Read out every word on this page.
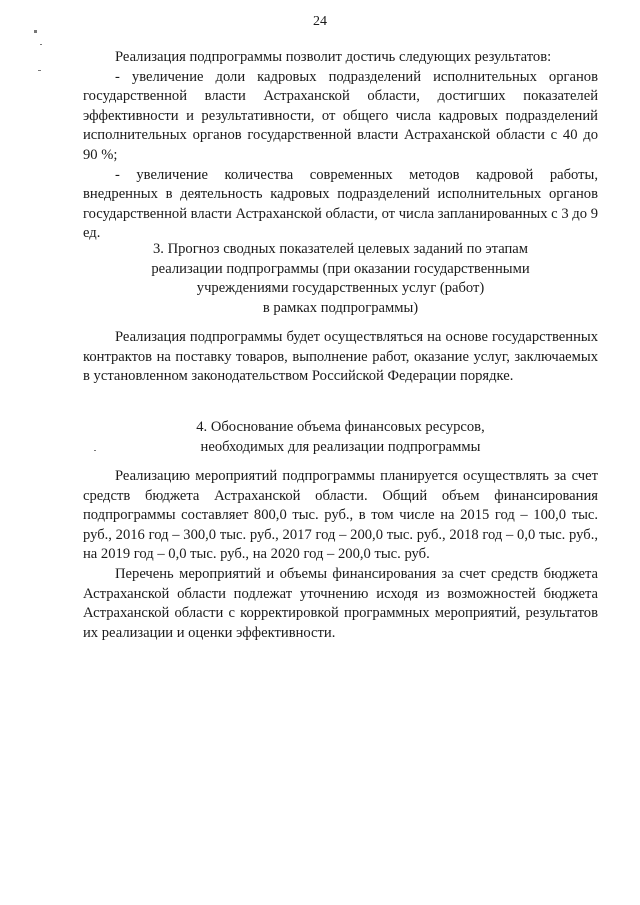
24

Реализация подпрограммы позволит достичь следующих результатов:

- увеличение доли кадровых подразделений исполнительных органов государственной власти Астраханской области, достигших показателей эффективности и результативности, от общего числа кадровых подразделений исполнительных органов государственной власти Астраханской области с 40 до 90 %;

- увеличение количества современных методов кадровой работы, внедренных в деятельность кадровых подразделений исполнительных органов государственной власти Астраханской области, от числа запланированных с 3 до 9 ед.

3. Прогноз сводных показателей целевых заданий по этапам

реализации подпрограммы (при оказании государственными

учреждениями государственных услуг (работ)

в рамках подпрограммы)

Реализация подпрограммы будет осуществляться на основе государственных контрактов на поставку товаров, выполнение работ, оказание услуг, заключаемых в установленном законодательством Российской Федерации порядке.

4. Обоснование объема финансовых ресурсов,

необходимых для реализации подпрограммы

Реализацию мероприятий подпрограммы планируется осуществлять за счет средств бюджета Астраханской области. Общий объем финансирования подпрограммы составляет 800,0 тыс. руб., в том числе на 2015 год – 100,0 тыс. руб., 2016 год – 300,0 тыс. руб., 2017 год – 200,0 тыс. руб., 2018 год – 0,0 тыс. руб., на 2019 год – 0,0 тыс. руб., на 2020 год – 200,0 тыс. руб.

Перечень мероприятий и объемы финансирования за счет средств бюджета Астраханской области подлежат уточнению исходя из возможностей бюджета Астраханской области с корректировкой программных мероприятий, результатов их реализации и оценки эффективности.
